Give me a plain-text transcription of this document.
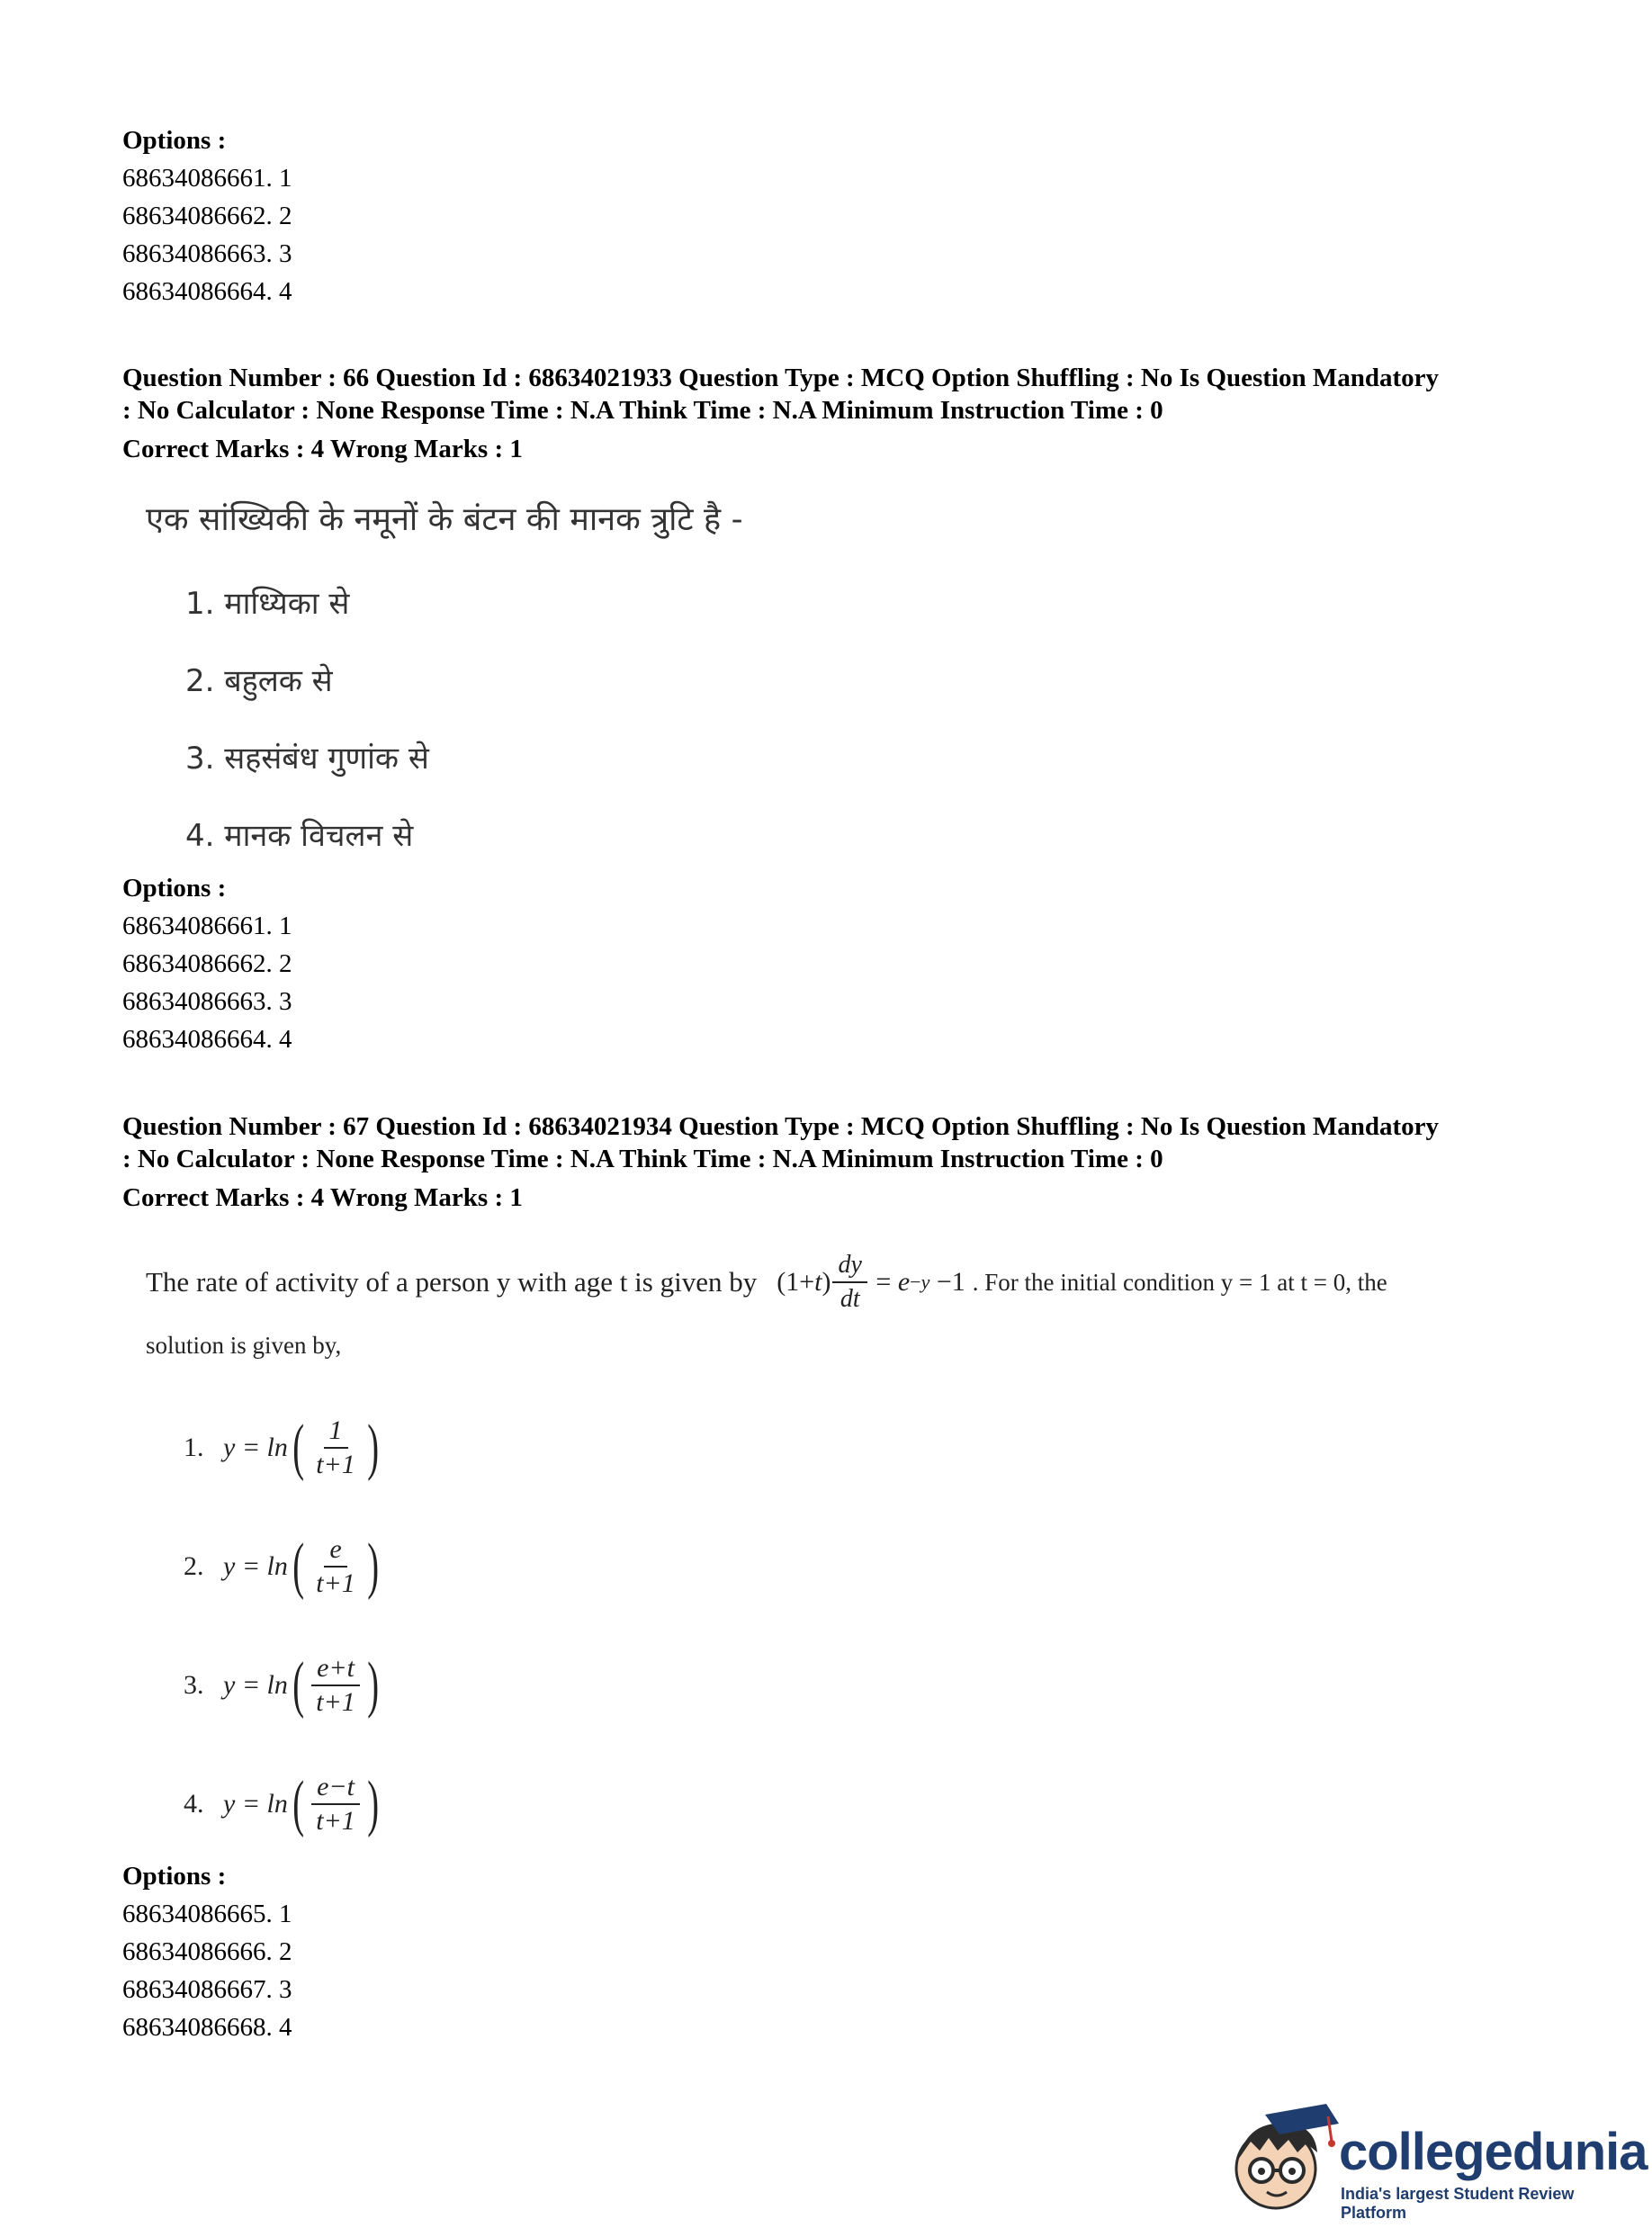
Options :

68634086661. 1

68634086662. 2

68634086663. 3

68634086664. 4

Question Number : 66 Question Id : 68634021933 Question Type : MCQ Option Shuffling : No Is Question Mandatory

: No Calculator : None Response Time : N.A Think Time : N.A Minimum Instruction Time : 0

Correct Marks : 4 Wrong Marks : 1

एक सांख्यिकी के नमूनों के बंटन की मानक त्रुटि है -
1. माध्यिका से
2. बहुलक से
3. सहसंबंध गुणांक से
4. मानक विचलन से

Options :

68634086661. 1

68634086662. 2

68634086663. 3

68634086664. 4

Question Number : 67 Question Id : 68634021934 Question Type : MCQ Option Shuffling : No Is Question Mandatory

: No Calculator : None Response Time : N.A Think Time : N.A Minimum Instruction Time : 0

Correct Marks : 4 Wrong Marks : 1

The rate of activity of a person y with age t is given by (1+ t ) $\frac{dy}{dt} = e -y -1$ . For the initial condition y = 1 at t = 0, the
solution is given by,
1. y = ln ( $\frac{1}{t+1}$ )
2. y = ln ( $\frac{e}{t+1}$ )
3. y = ln ( $\frac{e+t}{t+1}$ )
4. y = ln ( $\frac{e-t}{t+1}$ )

Options :

68634086665. 1

68634086666. 2

68634086667. 3

68634086668. 4

collegedunia
India's largest Student Review Platform
